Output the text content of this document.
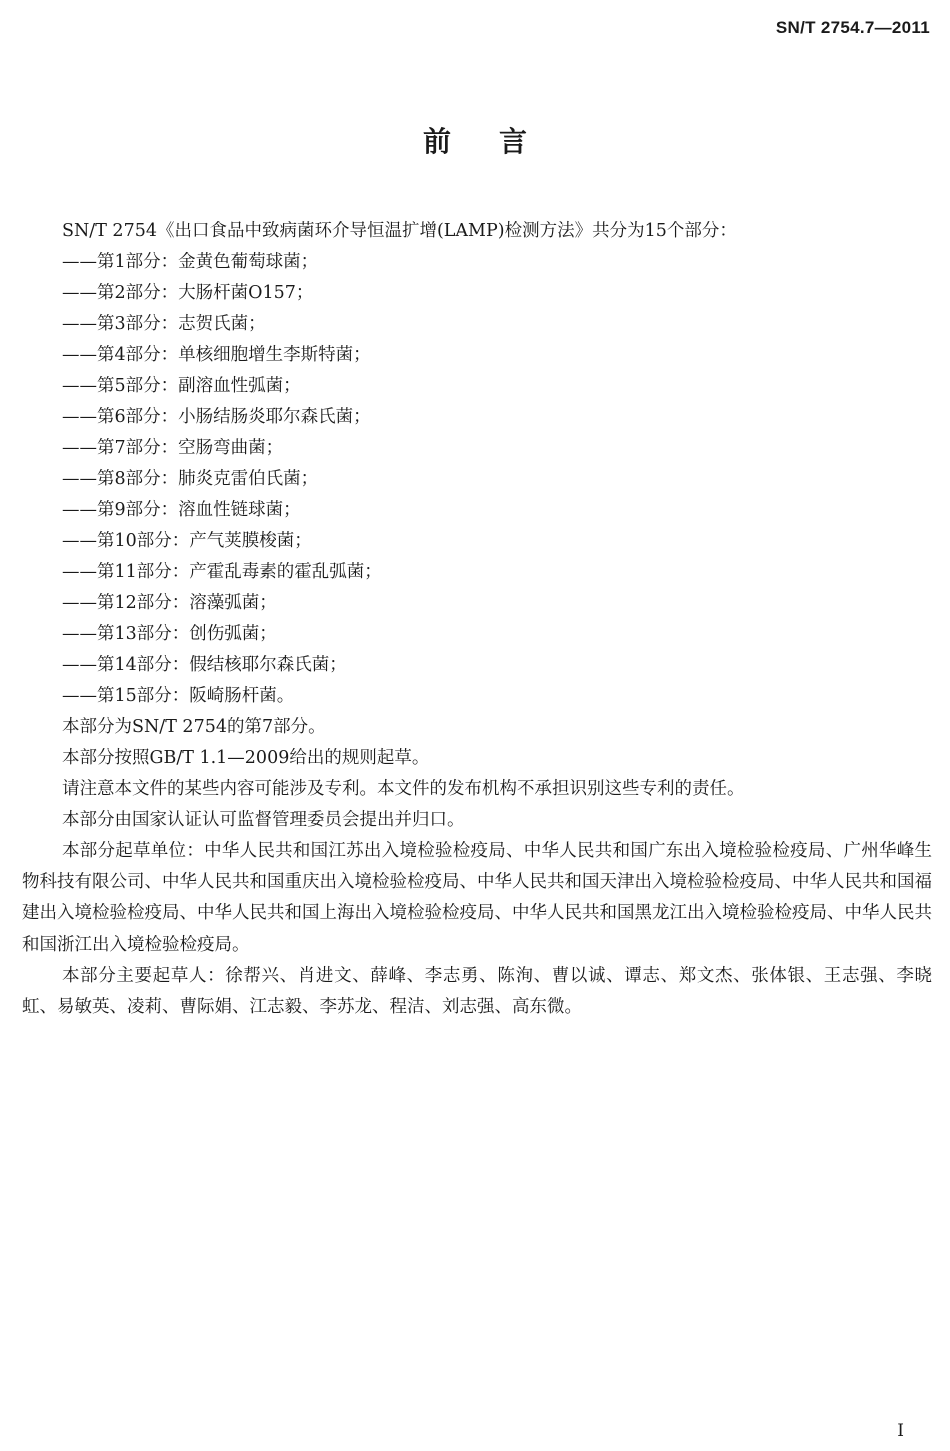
SN/T 2754.7—2011
前言
SN/T 2754《出口食品中致病菌环介导恒温扩增(LAMP)检测方法》共分为15个部分：
——第1部分：金黄色葡萄球菌；
——第2部分：大肠杆菌O157；
——第3部分：志贺氏菌；
——第4部分：单核细胞增生李斯特菌；
——第5部分：副溶血性弧菌；
——第6部分：小肠结肠炎耶尔森氏菌；
——第7部分：空肠弯曲菌；
——第8部分：肺炎克雷伯氏菌；
——第9部分：溶血性链球菌；
——第10部分：产气荚膜梭菌；
——第11部分：产霍乱毒素的霍乱弧菌；
——第12部分：溶藻弧菌；
——第13部分：创伤弧菌；
——第14部分：假结核耶尔森氏菌；
——第15部分：阪崎肠杆菌。
本部分为SN/T 2754的第7部分。
本部分按照GB/T 1.1—2009给出的规则起草。
请注意本文件的某些内容可能涉及专利。本文件的发布机构不承担识别这些专利的责任。
本部分由国家认证认可监督管理委员会提出并归口。

本部分起草单位：中华人民共和国江苏出入境检验检疫局、中华人民共和国广东出入境检验检疫局、广州华峰生物科技有限公司、中华人民共和国重庆出入境检验检疫局、中华人民共和国天津出入境检验检疫局、中华人民共和国福建出入境检验检疫局、中华人民共和国上海出入境检验检疫局、中华人民共和国黑龙江出入境检验检疫局、中华人民共和国浙江出入境检验检疫局。

本部分主要起草人：徐帮兴、肖进文、薛峰、李志勇、陈洵、曹以诚、谭志、郑文杰、张体银、王志强、李晓虹、易敏英、凌莉、曹际娟、江志毅、李苏龙、程洁、刘志强、高东微。

I
